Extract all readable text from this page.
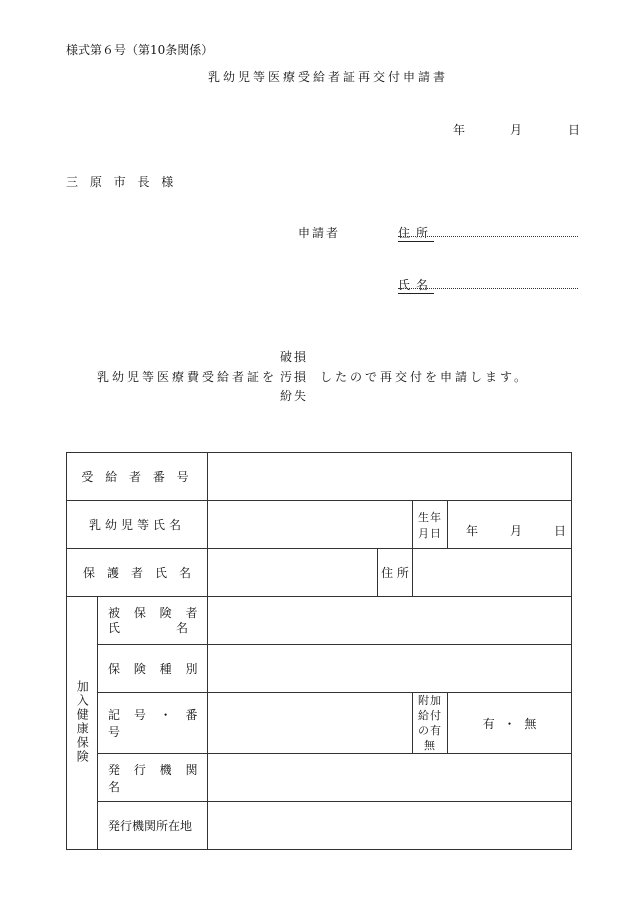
様式第６号（第10条関係）
乳幼児等医療受給者証再交付申請書
年	月	日
三 原 市 長 様
申請者	住所
氏名
破損
乳幼児等医療費受給者証を 汚損 したので再交付を申請します。
紛失
受 給 者 番 号					
乳幼児等氏名				生年月日	年 月 日

保　護　者　氏　名			住 所		
加入健康保険	被 保 険 者
氏　　　名				

	保 険 種 別				
	記 号 ・ 番 号			附加給付
の有無	有 ・ 無
	発 行 機 関 名				
	発行機関所在地				
